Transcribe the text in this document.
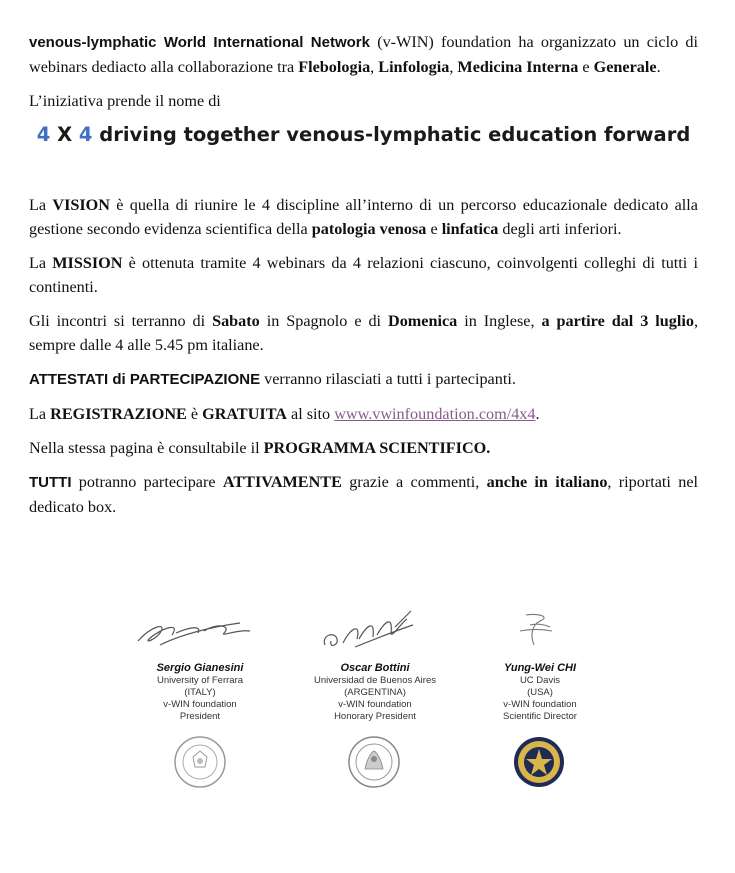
venous-lymphatic World International Network (v-WIN) foundation ha organizzato un ciclo di webinars dediacto alla collaborazione tra Flebologia, Linfologia, Medicina Interna e Generale.

L’iniziativa prende il nome di

4 X 4 driving together venous-lymphatic education forward

La VISION è quella di riunire le 4 discipline all’interno di un percorso educazionale dedicato alla gestione secondo evidenza scientifica della patologia venosa e linfatica degli arti inferiori.

La MISSION è ottenuta tramite 4 webinars da 4 relazioni ciascuno, coinvolgenti colleghi di tutti i continenti.

Gli incontri si terranno di Sabato in Spagnolo e di Domenica in Inglese, a partire dal 3 luglio, sempre dalle 4 alle 5.45 pm italiane.

ATTESTATI di PARTECIPAZIONE verranno rilasciati a tutti i partecipanti.

La REGISTRAZIONE è GRATUITA al sito www.vwinfoundation.com/4x4.

Nella stessa pagina è consultabile il PROGRAMMA SCIENTIFICO.

TUTTI potranno partecipare ATTIVAMENTE grazie a commenti, anche in italiano, riportati nel dedicato box.

Sergio Gianesini
University of Ferrara
(ITALY)
v-WIN foundation
President
Oscar Bottini
Universidad de Buenos Aires
(ARGENTINA)
v-WIN foundation
Honorary President
Yung-Wei CHI
UC Davis
(USA)
v-WIN foundation
Scientific Director
